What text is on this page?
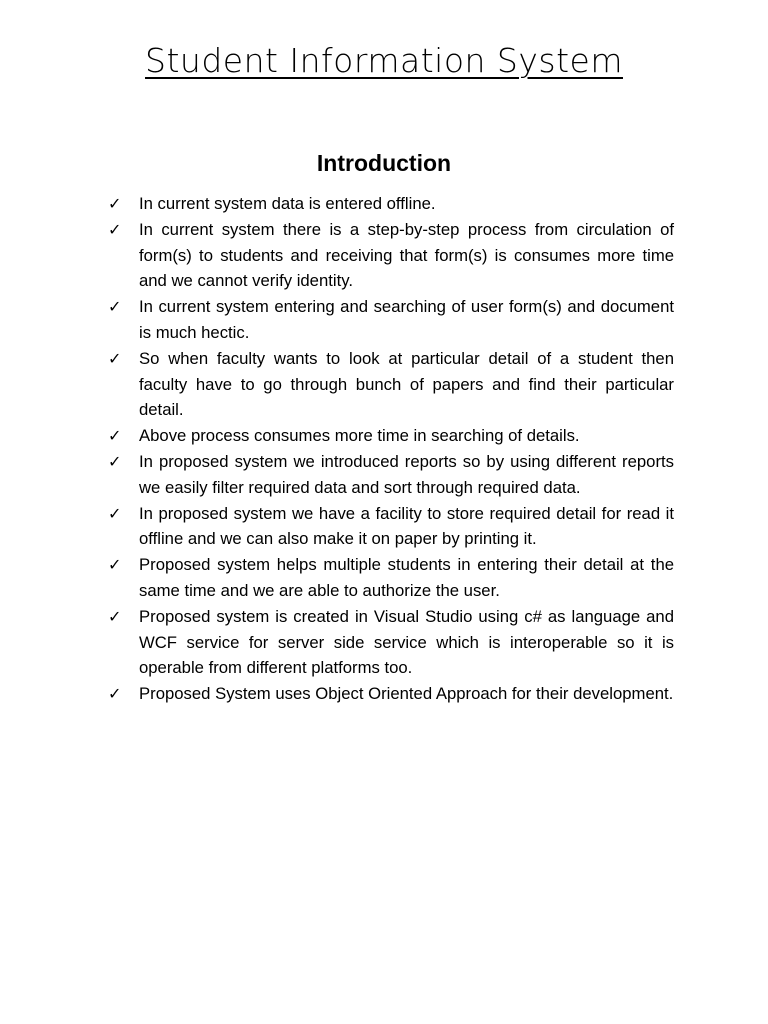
Student Information System
Introduction
✓ In current system data is entered offline.
✓ In current system there is a step-by-step process from circulation of form(s) to students and receiving that form(s) is consumes more time and we cannot verify identity.
✓ In current system entering and searching of user form(s) and document is much hectic.
✓ So when faculty wants to look at particular detail of a student then faculty have to go through bunch of papers and find their particular detail.
✓ Above process consumes more time in searching of details.
✓ In proposed system we introduced reports so by using different reports we easily filter required data and sort through required data.
✓ In proposed system we have a facility to store required detail for read it offline and we can also make it on paper by printing it.
✓ Proposed system helps multiple students in entering their detail at the same time and we are able to authorize the user.
✓ Proposed system is created in Visual Studio using c# as language and WCF service for server side service which is interoperable so it is operable from different platforms too.
✓ Proposed System uses Object Oriented Approach for their development.
